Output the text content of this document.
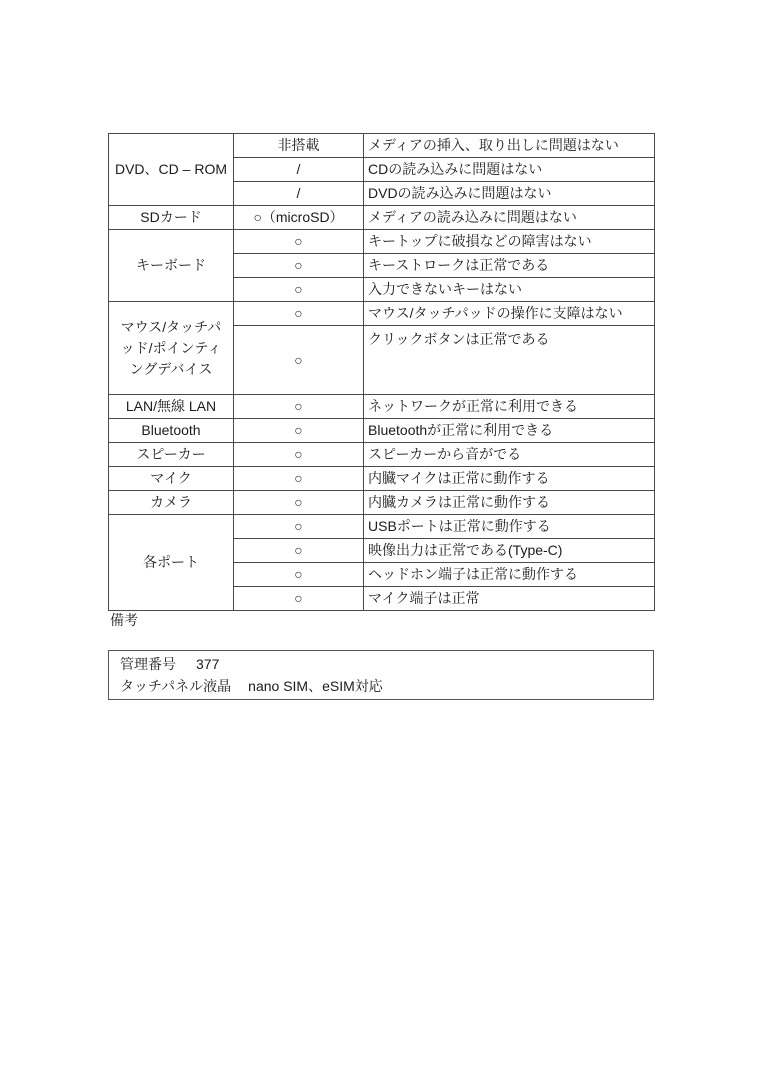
DVD、CD – ROM	非搭載	メディアの挿入、取り出しに問題はない
	/	CDの読み込みに問題はない
	/	DVDの読み込みに問題はない
SDカード	○（microSD）	メディアの読み込みに問題はない
キーボード	○	キートップに破損などの障害はない
	○	キーストロークは正常である
	○	入力できないキーはない

マウス/タッチパッド/ポインティングデバイス	○	マウス/タッチパッドの操作に支障はない
	○	クリックボタンは正常である
LAN/無線 LAN	○	ネットワークが正常に利用できる
Bluetooth	○	Bluetoothが正常に利用できる
スピーカー	○	スピーカーから音がでる
マイク	○	内臓マイクは正常に動作する
カメラ	○	内臓カメラは正常に動作する
各ポート	○	USBポートは正常に動作する
	○	映像出力は正常である(Type-C)
	○	ヘッドホン端子は正常に動作する
	○	マイク端子は正常
備考
管理番号 377
タッチパネル液晶 nano SIM、eSIM対応
